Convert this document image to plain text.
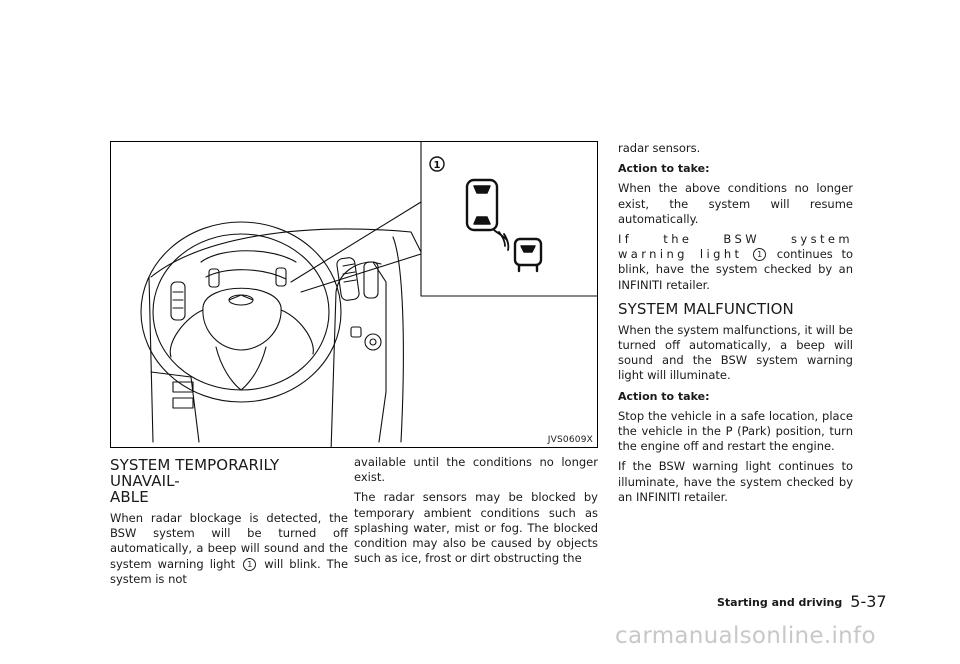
1
JVS0609X
SYSTEM TEMPORARILY UNAVAIL-
ABLE

When radar blockage is detected, the BSW system will be turned off automatically, a beep will sound and the system warning light 1 will blink. The system is not

available until the conditions no longer exist.

The radar sensors may be blocked by temporary ambient conditions such as splashing water, mist or fog. The blocked condition may also be caused by objects such as ice, frost or dirt obstructing the

radar sensors.

Action to take:

When the above conditions no longer exist, the system will resume automatically.

If the BSW system warning light 1 continues to blink, have the system checked by an INFINITI retailer.

SYSTEM MALFUNCTION

When the system malfunctions, it will be turned off automatically, a beep will sound and the BSW system warning light will illuminate.

Action to take:

Stop the vehicle in a safe location, place the vehicle in the P (Park) position, turn the engine off and restart the engine.

If the BSW warning light continues to illuminate, have the system checked by an INFINITI retailer.

Starting and driving 5-37
carmanualsonline.info
